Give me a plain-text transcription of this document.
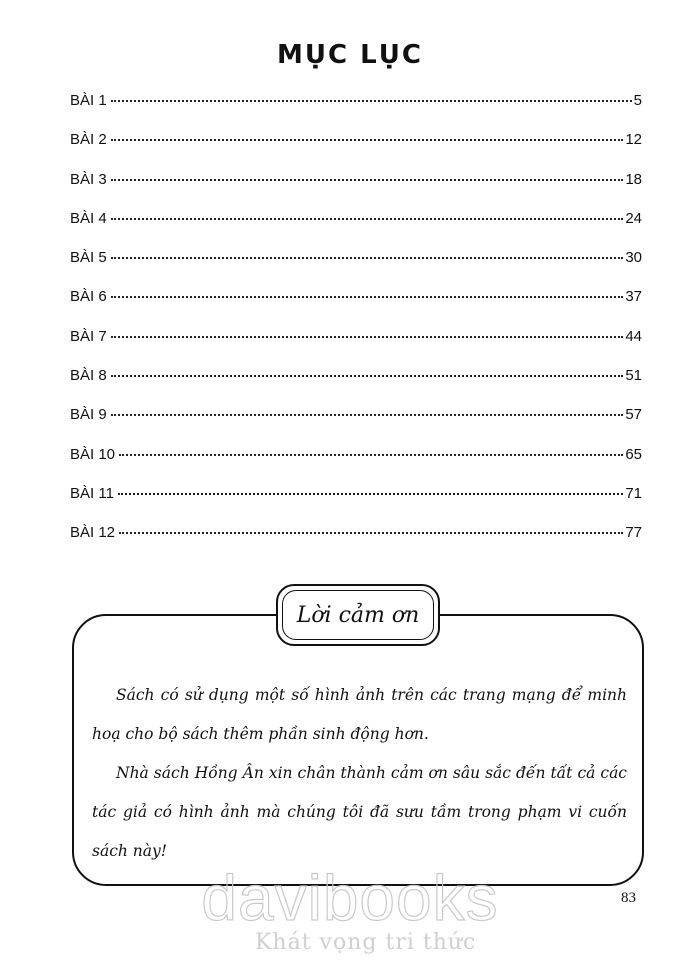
MỤC LỤC
BÀI 1	5
BÀI 2	12
BÀI 3	18
BÀI 4	24
BÀI 5	30
BÀI 6	37
BÀI 7	44
BÀI 8	51
BÀI 9	57
BÀI 10	65
BÀI 11	71
BÀI 12	77
Lời cảm ơn

Sách có sử dụng một số hình ảnh trên các trang mạng để minh hoạ cho bộ sách thêm phần sinh động hơn.

Nhà sách Hồng Ân xin chân thành cảm ơn sâu sắc đến tất cả các tác giả có hình ảnh mà chúng tôi đã sưu tầm trong phạm vi cuốn sách này!

davibooks
Khát vọng tri thức
83
